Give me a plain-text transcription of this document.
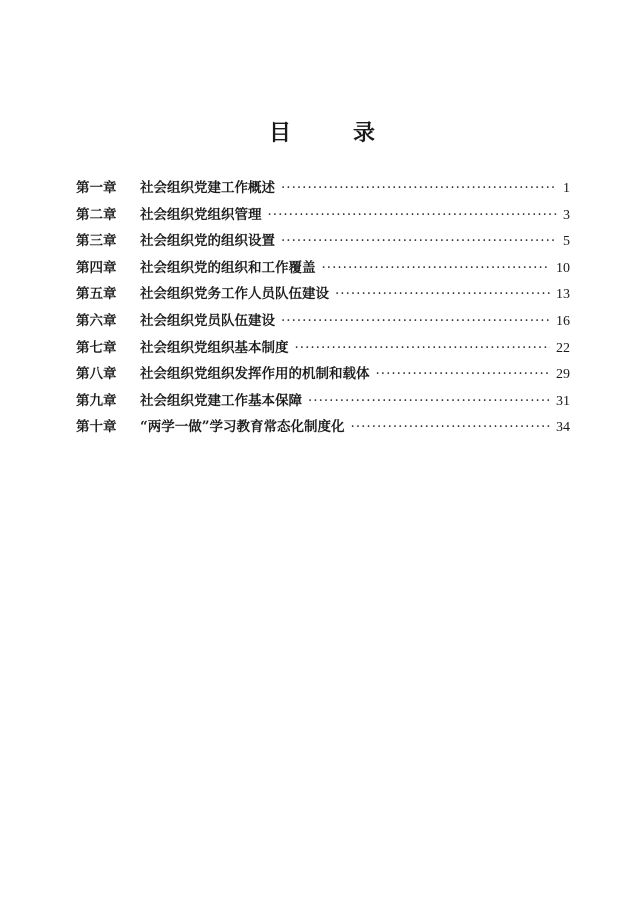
目　录
第一章	社会组织党建工作概述 ·····	1
第二章	社会组织党组织管理 ·····	3
第三章	社会组织党的组织设置 ·····	5
第四章	社会组织党的组织和工作覆盖 ·····	10
第五章	社会组织党务工作人员队伍建设 ·····	13
第六章	社会组织党员队伍建设 ·····	16
第七章	社会组织党组织基本制度 ·····	22
第八章	社会组织党组织发挥作用的机制和载体 ·····	29
第九章	社会组织党建工作基本保障 ·····	31
第十章	“两学一做”学习教育常态化制度化 ·····	34
